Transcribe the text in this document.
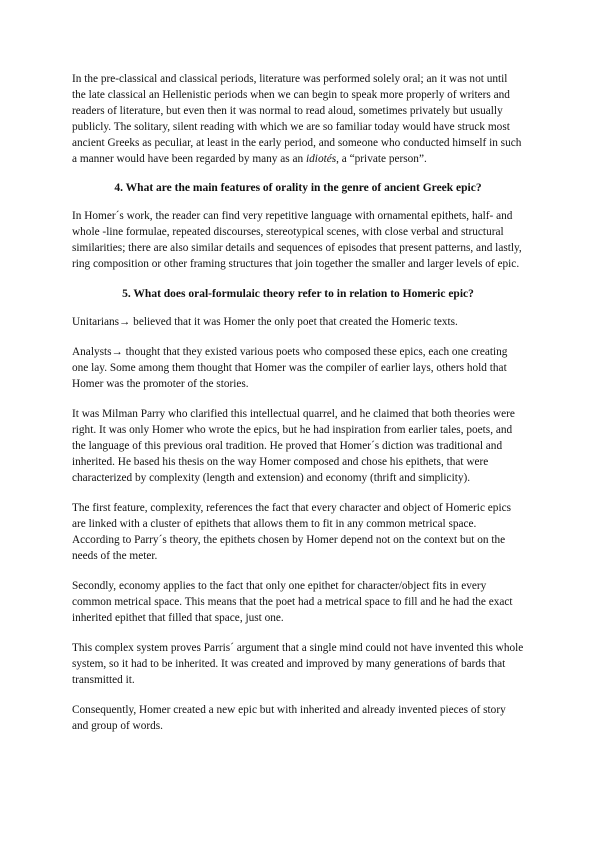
In the pre-classical and classical periods, literature was performed solely oral; an it was not until the late classical an Hellenistic periods when we can begin to speak more properly of writers and readers of literature, but even then it was normal to read aloud, sometimes privately but usually publicly. The solitary, silent reading with which we are so familiar today would have struck most ancient Greeks as peculiar, at least in the early period, and someone who conducted himself in such a manner would have been regarded by many as an idiotés, a “private person”.

4. What are the main features of orality in the genre of ancient Greek epic?

In Homer´s work, the reader can find very repetitive language with ornamental epithets, half- and whole -line formulae, repeated discourses, stereotypical scenes, with close verbal and structural similarities; there are also similar details and sequences of episodes that present patterns, and lastly, ring composition or other framing structures that join together the smaller and larger levels of epic.

5. What does oral-formulaic theory refer to in relation to Homeric epic?

Unitarians→ believed that it was Homer the only poet that created the Homeric texts.

Analysts→ thought that they existed various poets who composed these epics, each one creating one lay. Some among them thought that Homer was the compiler of earlier lays, others hold that Homer was the promoter of the stories.

It was Milman Parry who clarified this intellectual quarrel, and he claimed that both theories were right. It was only Homer who wrote the epics, but he had inspiration from earlier tales, poets, and the language of this previous oral tradition. He proved that Homer´s diction was traditional and inherited. He based his thesis on the way Homer composed and chose his epithets, that were characterized by complexity (length and extension) and economy (thrift and simplicity).

The first feature, complexity, references the fact that every character and object of Homeric epics are linked with a cluster of epithets that allows them to fit in any common metrical space. According to Parry´s theory, the epithets chosen by Homer depend not on the context but on the needs of the meter.

Secondly, economy applies to the fact that only one epithet for character/object fits in every common metrical space. This means that the poet had a metrical space to fill and he had the exact inherited epithet that filled that space, just one.

This complex system proves Parris´ argument that a single mind could not have invented this whole system, so it had to be inherited. It was created and improved by many generations of bards that transmitted it.

Consequently, Homer created a new epic but with inherited and already invented pieces of story and group of words.
